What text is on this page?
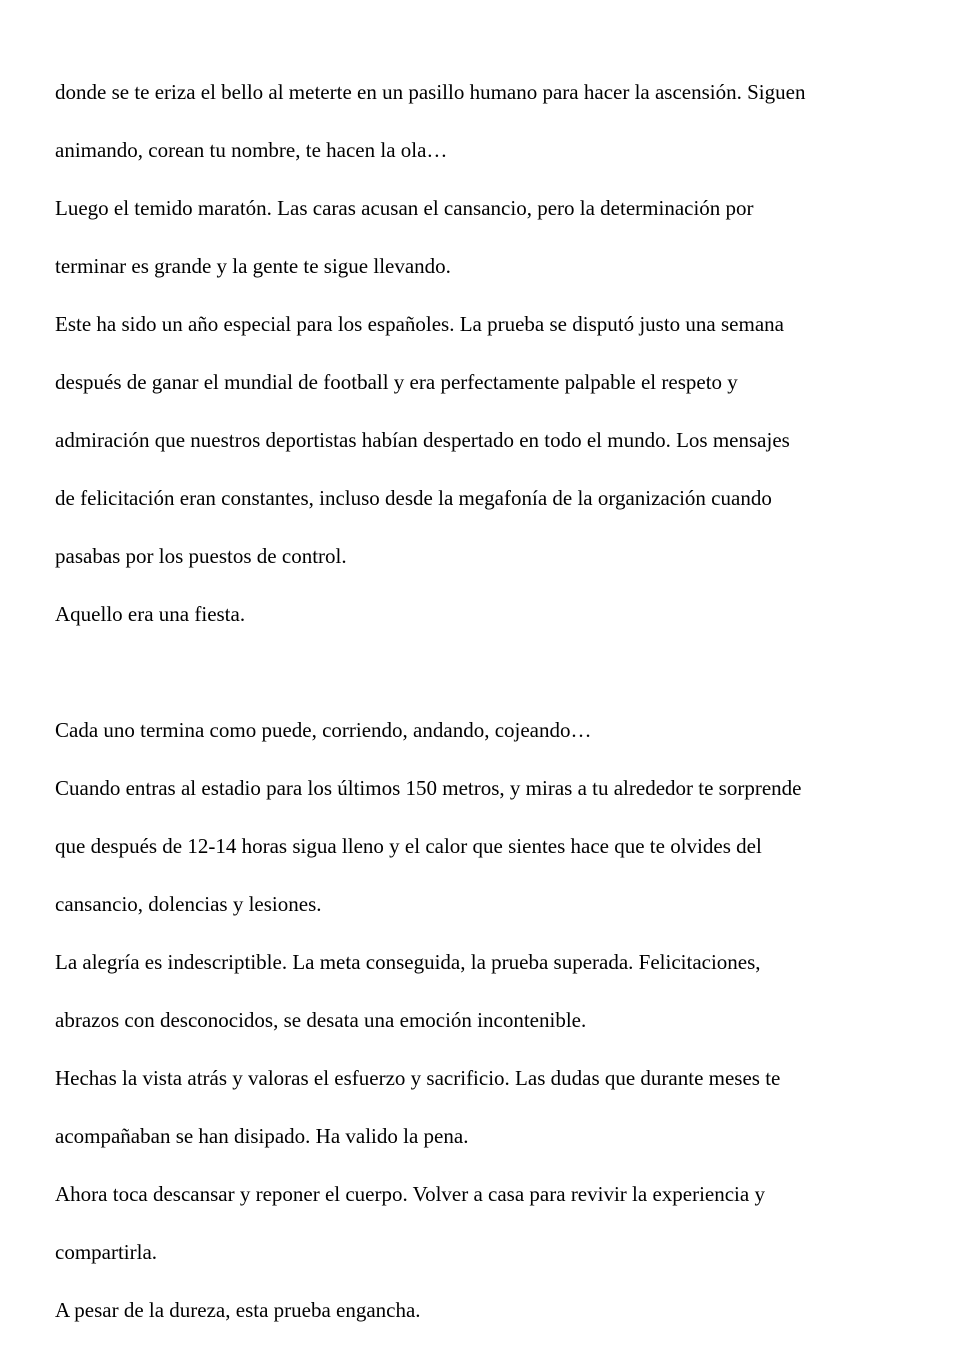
donde se te eriza el bello al meterte en un pasillo humano para hacer la ascensión. Siguen

animando, corean tu nombre, te hacen la ola…

Luego el temido maratón. Las caras acusan el cansancio, pero la determinación por

terminar es grande y la gente te sigue llevando.

Este ha sido un año especial para los españoles. La prueba se disputó justo una semana

después de ganar el mundial de football y era perfectamente palpable el respeto y

admiración que nuestros deportistas habían despertado en todo el mundo. Los mensajes

de felicitación eran constantes, incluso desde la megafonía de la organización cuando

pasabas por los puestos de control.

Aquello era una fiesta.

Cada uno termina como puede, corriendo, andando, cojeando…

Cuando entras al estadio para los últimos 150 metros, y miras a tu alrededor te sorprende

que después de 12-14 horas sigua lleno y el calor que sientes hace que te olvides del

cansancio, dolencias y lesiones.

La alegría es indescriptible. La meta conseguida, la prueba superada. Felicitaciones,

abrazos con desconocidos, se desata una emoción incontenible.

Hechas la vista atrás y valoras el esfuerzo y sacrificio. Las dudas que durante meses te

acompañaban se han disipado. Ha valido la pena.

Ahora toca descansar y reponer el cuerpo. Volver a casa para revivir la experiencia y

compartirla.

A pesar de la dureza, esta prueba engancha.
